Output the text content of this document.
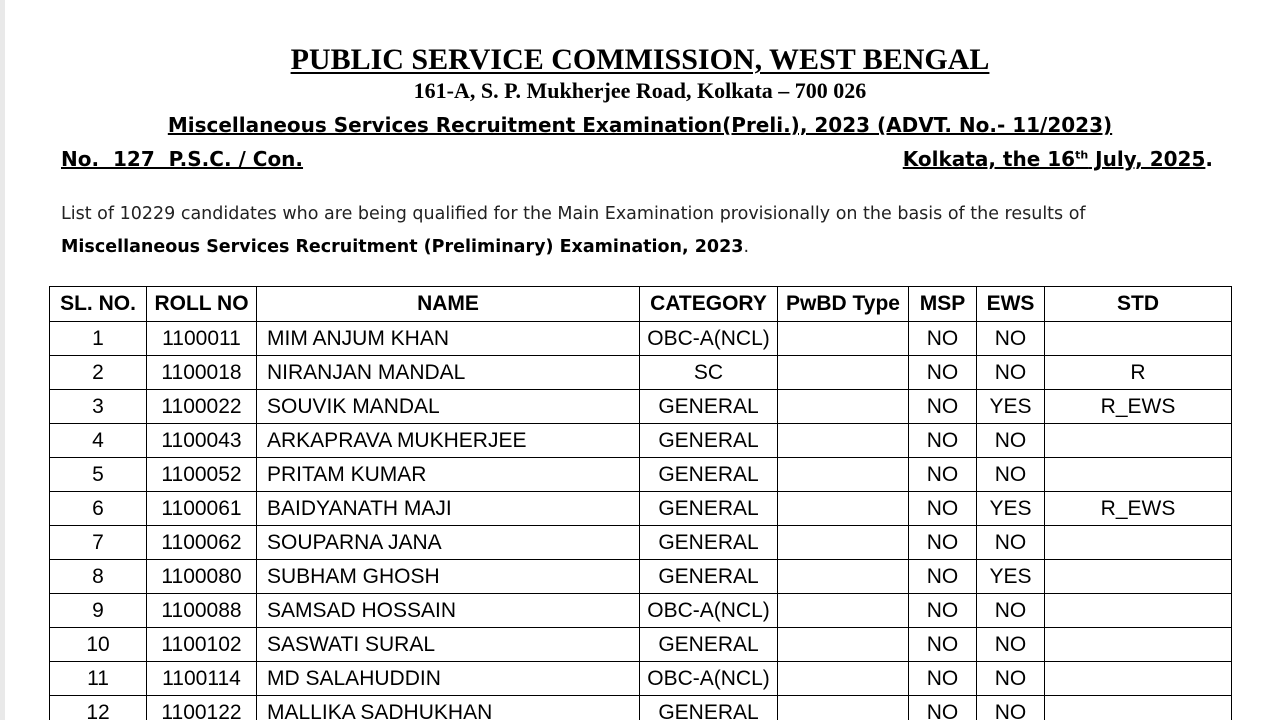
PUBLIC SERVICE COMMISSION, WEST BENGAL
161-A, S. P. Mukherjee Road, Kolkata – 700 026
Miscellaneous Services Recruitment Examination(Preli.), 2023 (ADVT. No.- 11/2023)
No.  127  P.S.C. / Con.	Kolkata, the 16th July, 2025.
List of 10229 candidates who are being qualified for the Main Examination provisionally on the basis of the results of
Miscellaneous Services Recruitment (Preliminary) Examination, 2023.
SL. NO.	ROLL NO	NAME	CATEGORY	PwBD Type	MSP	EWS	STD
1	1100011	MIM ANJUM KHAN	OBC-A(NCL)		NO	NO	
2	1100018	NIRANJAN MANDAL	SC		NO	NO	R
3	1100022	SOUVIK MANDAL	GENERAL		NO	YES	R_EWS
4	1100043	ARKAPRAVA MUKHERJEE	GENERAL		NO	NO	
5	1100052	PRITAM KUMAR	GENERAL		NO	NO	
6	1100061	BAIDYANATH MAJI	GENERAL		NO	YES	R_EWS
7	1100062	SOUPARNA JANA	GENERAL		NO	NO	
8	1100080	SUBHAM GHOSH	GENERAL		NO	YES	
9	1100088	SAMSAD HOSSAIN	OBC-A(NCL)		NO	NO	
10	1100102	SASWATI SURAL	GENERAL		NO	NO	
11	1100114	MD SALAHUDDIN	OBC-A(NCL)		NO	NO	
12	1100122	MALLIKA SADHUKHAN	GENERAL		NO	NO	
